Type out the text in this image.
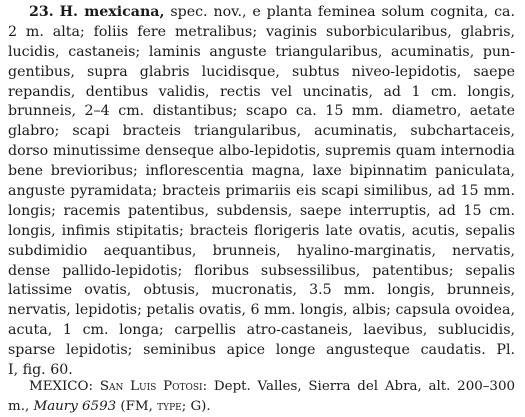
23. H. mexicana, spec. nov., e planta feminea solum cognita, ca.
2 m. alta; foliis fere metralibus; vaginis suborbicularibus, glabris,
lucidis, castaneis; laminis anguste triangularibus, acuminatis, pun-
gentibus, supra glabris lucidisque, subtus niveo-lepidotis, saepe
repandis, dentibus validis, rectis vel uncinatis, ad 1 cm. longis,
brunneis, 2–4 cm. distantibus; scapo ca. 15 mm. diametro, aetate
glabro; scapi bracteis triangularibus, acuminatis, subchartaceis,
dorso minutissime denseque albo-lepidotis, supremis quam internodia
bene brevioribus; inflorescentia magna, laxe bipinnatim paniculata,
anguste pyramidata; bracteis primariis eis scapi similibus, ad 15 mm.
longis; racemis patentibus, subdensis, saepe interruptis, ad 15 cm.
longis, infimis stipitatis; bracteis florigeris late ovatis, acutis, sepalis
subdimidio aequantibus, brunneis, hyalino-marginatis, nervatis,
dense pallido-lepidotis; floribus subsessilibus, patentibus; sepalis
latissime ovatis, obtusis, mucronatis, 3.5 mm. longis, brunneis,
nervatis, lepidotis; petalis ovatis, 6 mm. longis, albis; capsula ovoidea,
acuta, 1 cm. longa; carpellis atro-castaneis, laevibus, sublucidis,
sparse lepidotis; seminibus apice longe angusteque caudatis. Pl.
I, fig. 60.
MEXICO: San Luis Potosi: Dept. Valles, Sierra del Abra, alt. 200–300
m., Maury 6593 (FM, type; G).
